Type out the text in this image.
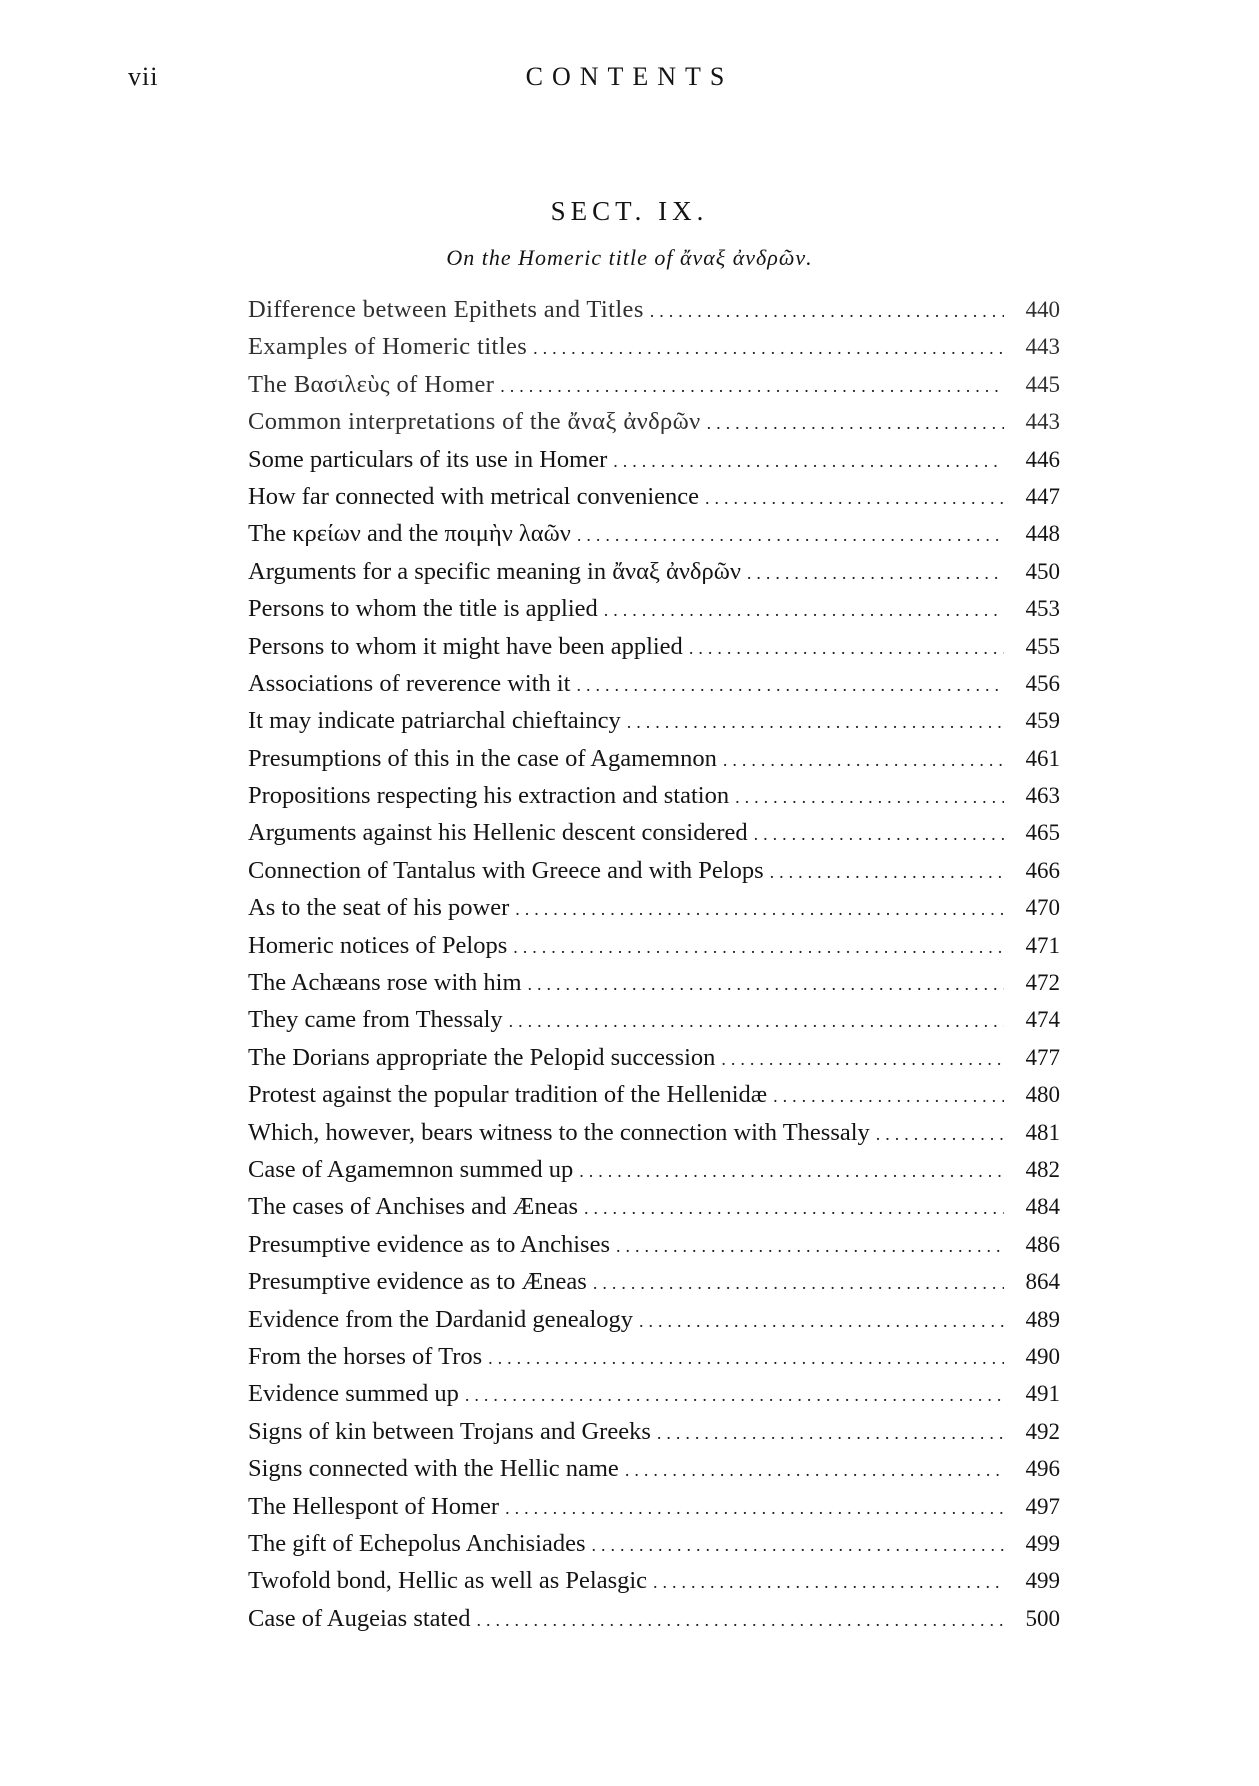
vii	CONTENTS
SECT. IX.
On the Homeric title of ἄναξ ἀνδρῶν.
Difference between Epithets and Titles .....	440
Examples of Homeric titles .....	443
The Βασιλεὺς of Homer .....	445
Common interpretations of the ἄναξ ἀνδρῶν .....	443
Some particulars of its use in Homer .....	446
How far connected with metrical convenience .....	447
The κρείων and the ποιμὴν λαῶν .....	448
Arguments for a specific meaning in ἄναξ ἀνδρῶν .....	450
Persons to whom the title is applied .....	453
Persons to whom it might have been applied .....	455
Associations of reverence with it .....	456
It may indicate patriarchal chieftaincy .....	459
Presumptions of this in the case of Agamemnon .....	461
Propositions respecting his extraction and station .....	463
Arguments against his Hellenic descent considered .....	465
Connection of Tantalus with Greece and with Pelops .....	466
As to the seat of his power .....	470
Homeric notices of Pelops .....	471
The Achæans rose with him .....	472
They came from Thessaly .....	474
The Dorians appropriate the Pelopid succession .....	477
Protest against the popular tradition of the Hellenidæ .....	480
Which, however, bears witness to the connection with Thessaly .....	481
Case of Agamemnon summed up .....	482
The cases of Anchises and Æneas .....	484
Presumptive evidence as to Anchises .....	486
Presumptive evidence as to Æneas .....	864
Evidence from the Dardanid genealogy .....	489
From the horses of Tros .....	490
Evidence summed up .....	491
Signs of kin between Trojans and Greeks .....	492
Signs connected with the Hellic name .....	496
The Hellespont of Homer .....	497
The gift of Echepolus Anchisiades .....	499
Twofold bond, Hellic as well as Pelasgic .....	499
Case of Augeias stated .....	500
